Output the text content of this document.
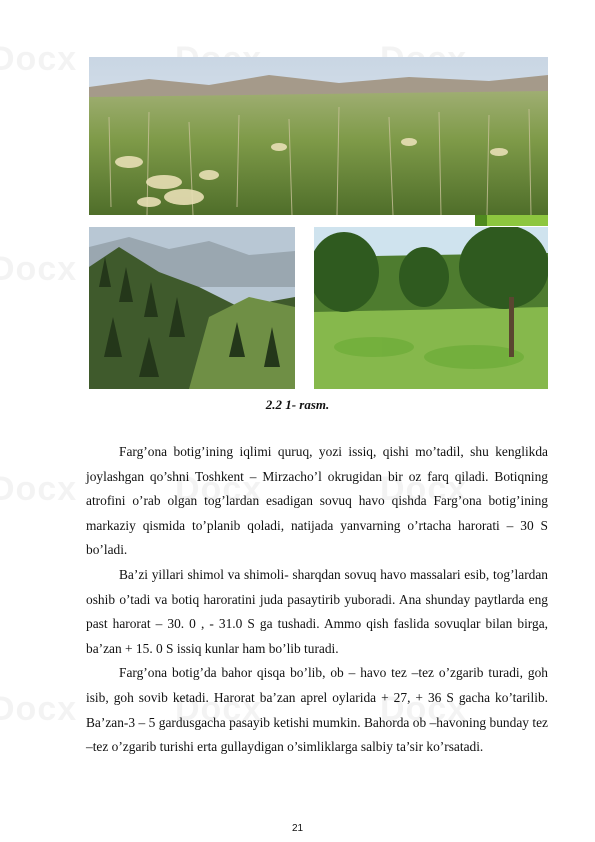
2.2 1- rasm.

Farg’ona botig’ining iqlimi quruq, yozi issiq, qishi mo’tadil, shu kenglikda joylashgan qo’shni Toshkent – Mirzacho’l okrugidan bir oz farq qiladi. Botiqning atrofini o’rab olgan tog’lardan esadigan sovuq havo qishda Farg’ona botig’ining markaziy qismida to’planib qoladi, natijada yanvarning o’rtacha harorati – 30 S bo’ladi.

Ba’zi yillari shimol va shimoli- sharqdan sovuq havo massalari esib, tog’lardan oshib o’tadi va botiq haroratini juda pasaytirib yuboradi. Ana shunday paytlarda eng past harorat – 30. 0 , - 31.0 S ga tushadi. Ammo qish faslida sovuqlar bilan birga, ba’zan + 15. 0 S issiq kunlar ham bo’lib turadi.

Farg’ona botig’da bahor qisqa bo’lib, ob – havo tez –tez o’zgarib turadi, goh isib, goh sovib ketadi. Harorat ba’zan aprel oylarida + 27, + 36 S gacha ko’tarilib. Ba’zan-3 – 5 gardusgacha pasayib ketishi mumkin. Bahorda ob –havoning bunday tez –tez o’zgarib turishi erta gullaydigan o’simliklarga salbiy ta’sir ko’rsatadi.

21
